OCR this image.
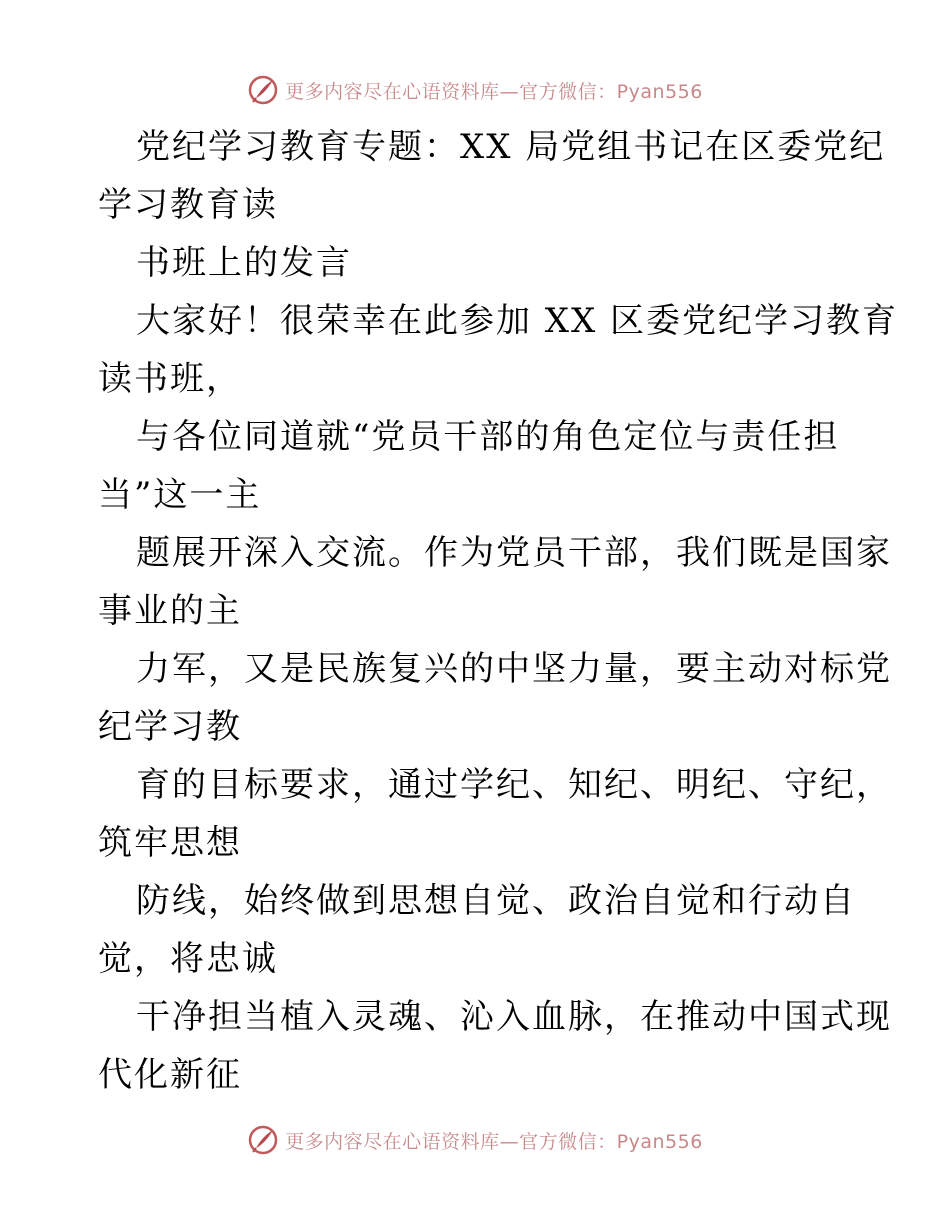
更多内容尽在心语资料库—官方微信：Pyan556

党纪学习教育专题：XX 局党组书记在区委党纪

学习教育读

书班上的发言

大家好！很荣幸在此参加 XX 区委党纪学习教育

读书班，

与各位同道就“党员干部的角色定位与责任担

当”这一主

题展开深入交流。作为党员干部，我们既是国家

事业的主

力军，又是民族复兴的中坚力量，要主动对标党

纪学习教

育的目标要求，通过学纪、知纪、明纪、守纪，

筑牢思想

防线，始终做到思想自觉、政治自觉和行动自

觉，将忠诚

干净担当植入灵魂、沁入血脉，在推动中国式现

代化新征

更多内容尽在心语资料库—官方微信：Pyan556
